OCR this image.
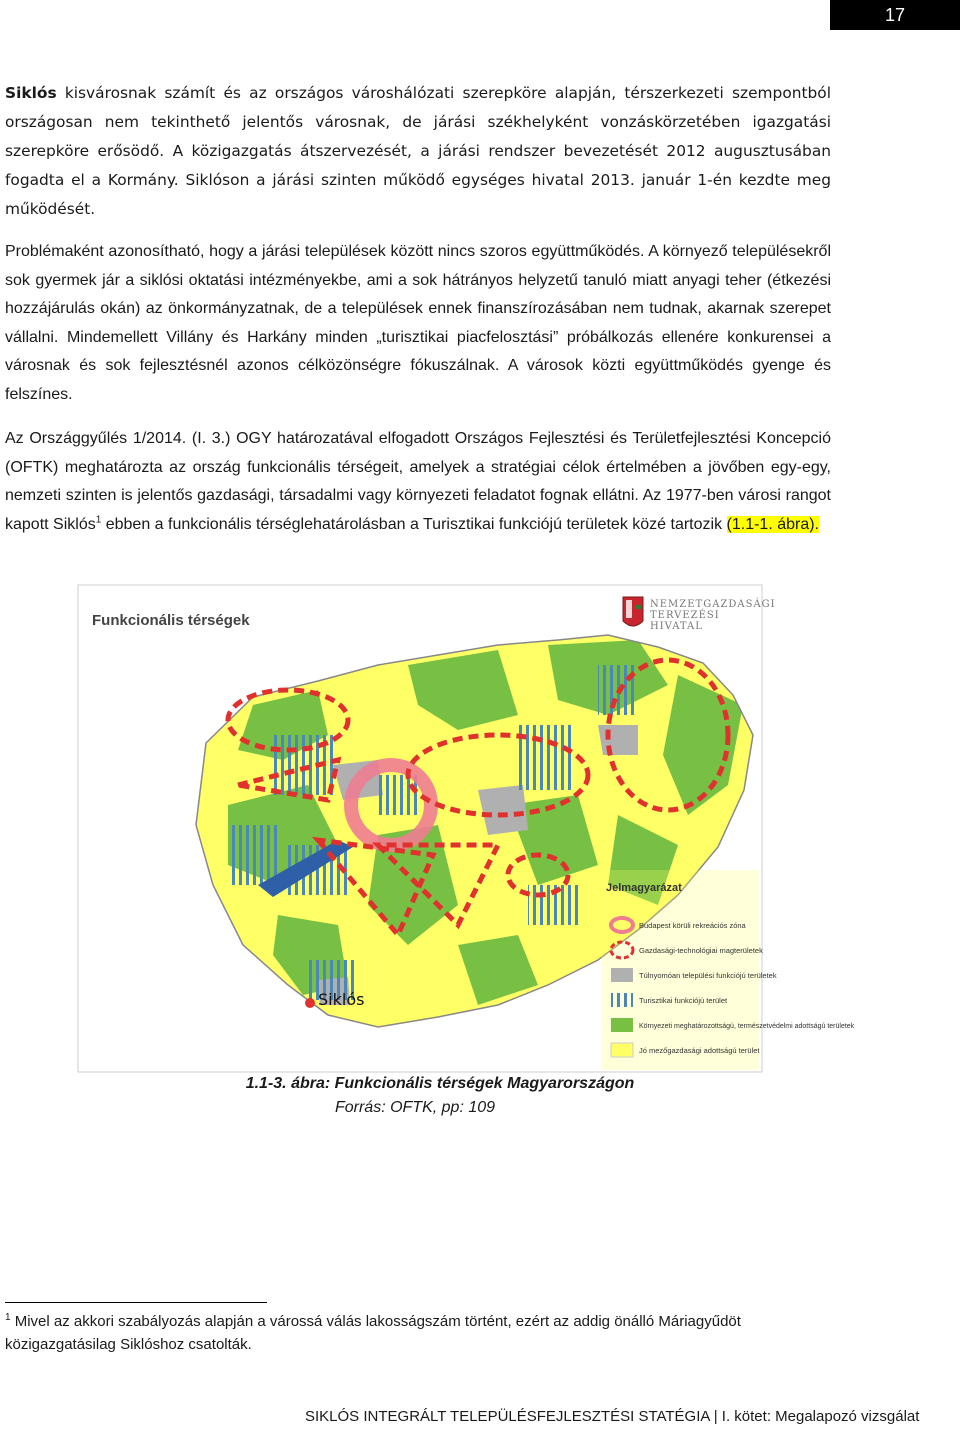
17

Siklós kisvárosnak számít és az országos városhálózati szerepköre alapján, térszerkezeti szempontból országosan nem tekinthető jelentős városnak, de járási székhelyként vonzáskörzetében igazgatási szerepköre erősödő. A közigazgatás átszervezését, a járási rendszer bevezetését 2012 augusztusában fogadta el a Kormány. Siklóson a járási szinten működő egységes hivatal 2013. január 1-én kezdte meg működését.

Problémaként azonosítható, hogy a járási települések között nincs szoros együttműködés. A környező településekről sok gyermek jár a siklósi oktatási intézményekbe, ami a sok hátrányos helyzetű tanuló miatt anyagi teher (étkezési hozzájárulás okán) az önkormányzatnak, de a települések ennek finanszírozásában nem tudnak, akarnak szerepet vállalni. Mindemellett Villány és Harkány minden „turisztikai piacfelosztási” próbálkozás ellenére konkurensei a városnak és sok fejlesztésnél azonos célközönségre fókuszálnak. A városok közti együttműködés gyenge és felszínes.

Az Országgyűlés 1/2014. (I. 3.) OGY határozatával elfogadott Országos Fejlesztési és Területfejlesztési Koncepció (OFTK) meghatározta az ország funkcionális térségeit, amelyek a stratégiai célok értelmében a jövőben egy-egy, nemzeti szinten is jelentős gazdasági, társadalmi vagy környezeti feladatot fognak ellátni. Az 1977-ben városi rangot kapott Siklós$^1$ ebben a funkcionális térséglehatárolásban a Turisztikai funkciójú területek közé tartozik (1.1-1. ábra).

Funkcionális térségek
NEMZETGAZDASÁGI
TERVEZÉSI
HIVATAL
Siklós
Jelmagyarázat
Budapest körüli rekreációs zóna
Gazdasági-technológiai magterületek
Túlnyomóan települési funkciójú területek
Turisztikai funkciójú terület
Környezeti meghatározottságú, természetvédelmi adottságú területek
Jó mezőgazdasági adottságú terület
1.1-3. ábra: Funkcionális térségek Magyarországon
Forrás: OFTK, pp: 109
$^1$ Mivel az akkori szabályozás alapján a várossá válás lakosságszám történt, ezért az addig önálló Máriagyűdöt közigazgatásilag Siklóshoz csatolták.
SIKLÓS INTEGRÁLT TELEPÜLÉSFEJLESZTÉSI STATÉGIA | I. kötet: Megalapozó vizsgálat
